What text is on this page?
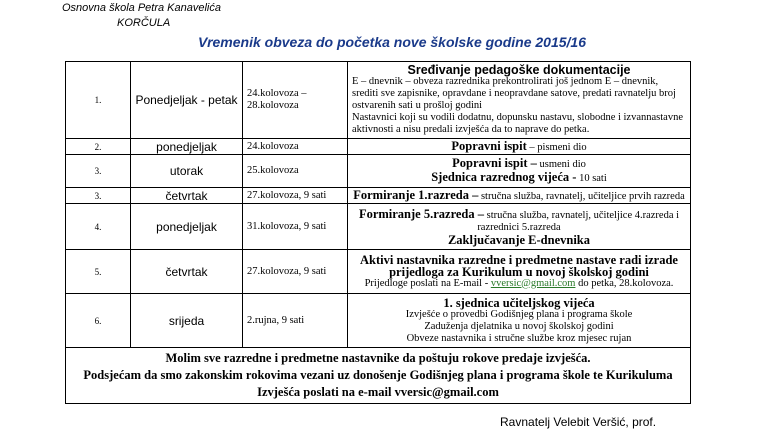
Osnovna škola Petra Kanavelića
KORČULA
Vremenik obveza do početka nove školske godine 2015/16
1.	Ponedjeljak - petak	24.kolovoza – 28.kolovoza	Sređivanje pedagoške dokumentacije
E – dnevnik – obveza razrednika prekontrolirati još jednom E – dnevnik, srediti sve zapisnike, opravdane i neopravdane satove, predati ravnatelju broj ostvarenih sati u prošloj godini
Nastavnici koji su vodili dodatnu, dopunsku nastavu, slobodne i izvannastavne aktivnosti a nisu predali izvješća da to naprave do petka.

2.	ponedjeljak	24.kolovoza	Popravni ispit – pismeni dio
3.	utorak	25.kolovoza	Popravni ispit – usmeni dio
Sjednica razrednog vijeća - 10 sati

3.	četvrtak	27.kolovoza, 9 sati	Formiranje 1.razreda – stručna služba, ravnatelj, učiteljice prvih razreda
4.	ponedjeljak	31.kolovoza, 9 sati	Formiranje 5.razreda – stručna služba, ravnatelj, učiteljice 4.razreda i razrednici 5.razreda
Zaključavanje E-dnevnika

5.	četvrtak	27.kolovoza, 9 sati	Aktivi nastavnika razredne i predmetne nastave radi izrade prijedloga za Kurikulum u novoj školskoj godini
Prijedloge poslati na E-mail - vversic@gmail.com do petka, 28.kolovoza.

6.	srijeda	2.rujna, 9 sati	1. sjednica učiteljskog vijeća
Izvješće o provedbi Godišnjeg plana i programa škole
Zaduženja djelatnika u novoj školskoj godini
Obveze nastavnika i stručne službe kroz mjesec rujan

Molim sve razredne i predmetne nastavnike da poštuju rokove predaje izvješća.
Podsjećam da smo zakonskim rokovima vezani uz donošenje Godišnjeg plana i programa škole te Kurikuluma
Izvješća poslati na e-mail vversic@gmail.com			
Ravnatelj Velebit Veršić, prof.
